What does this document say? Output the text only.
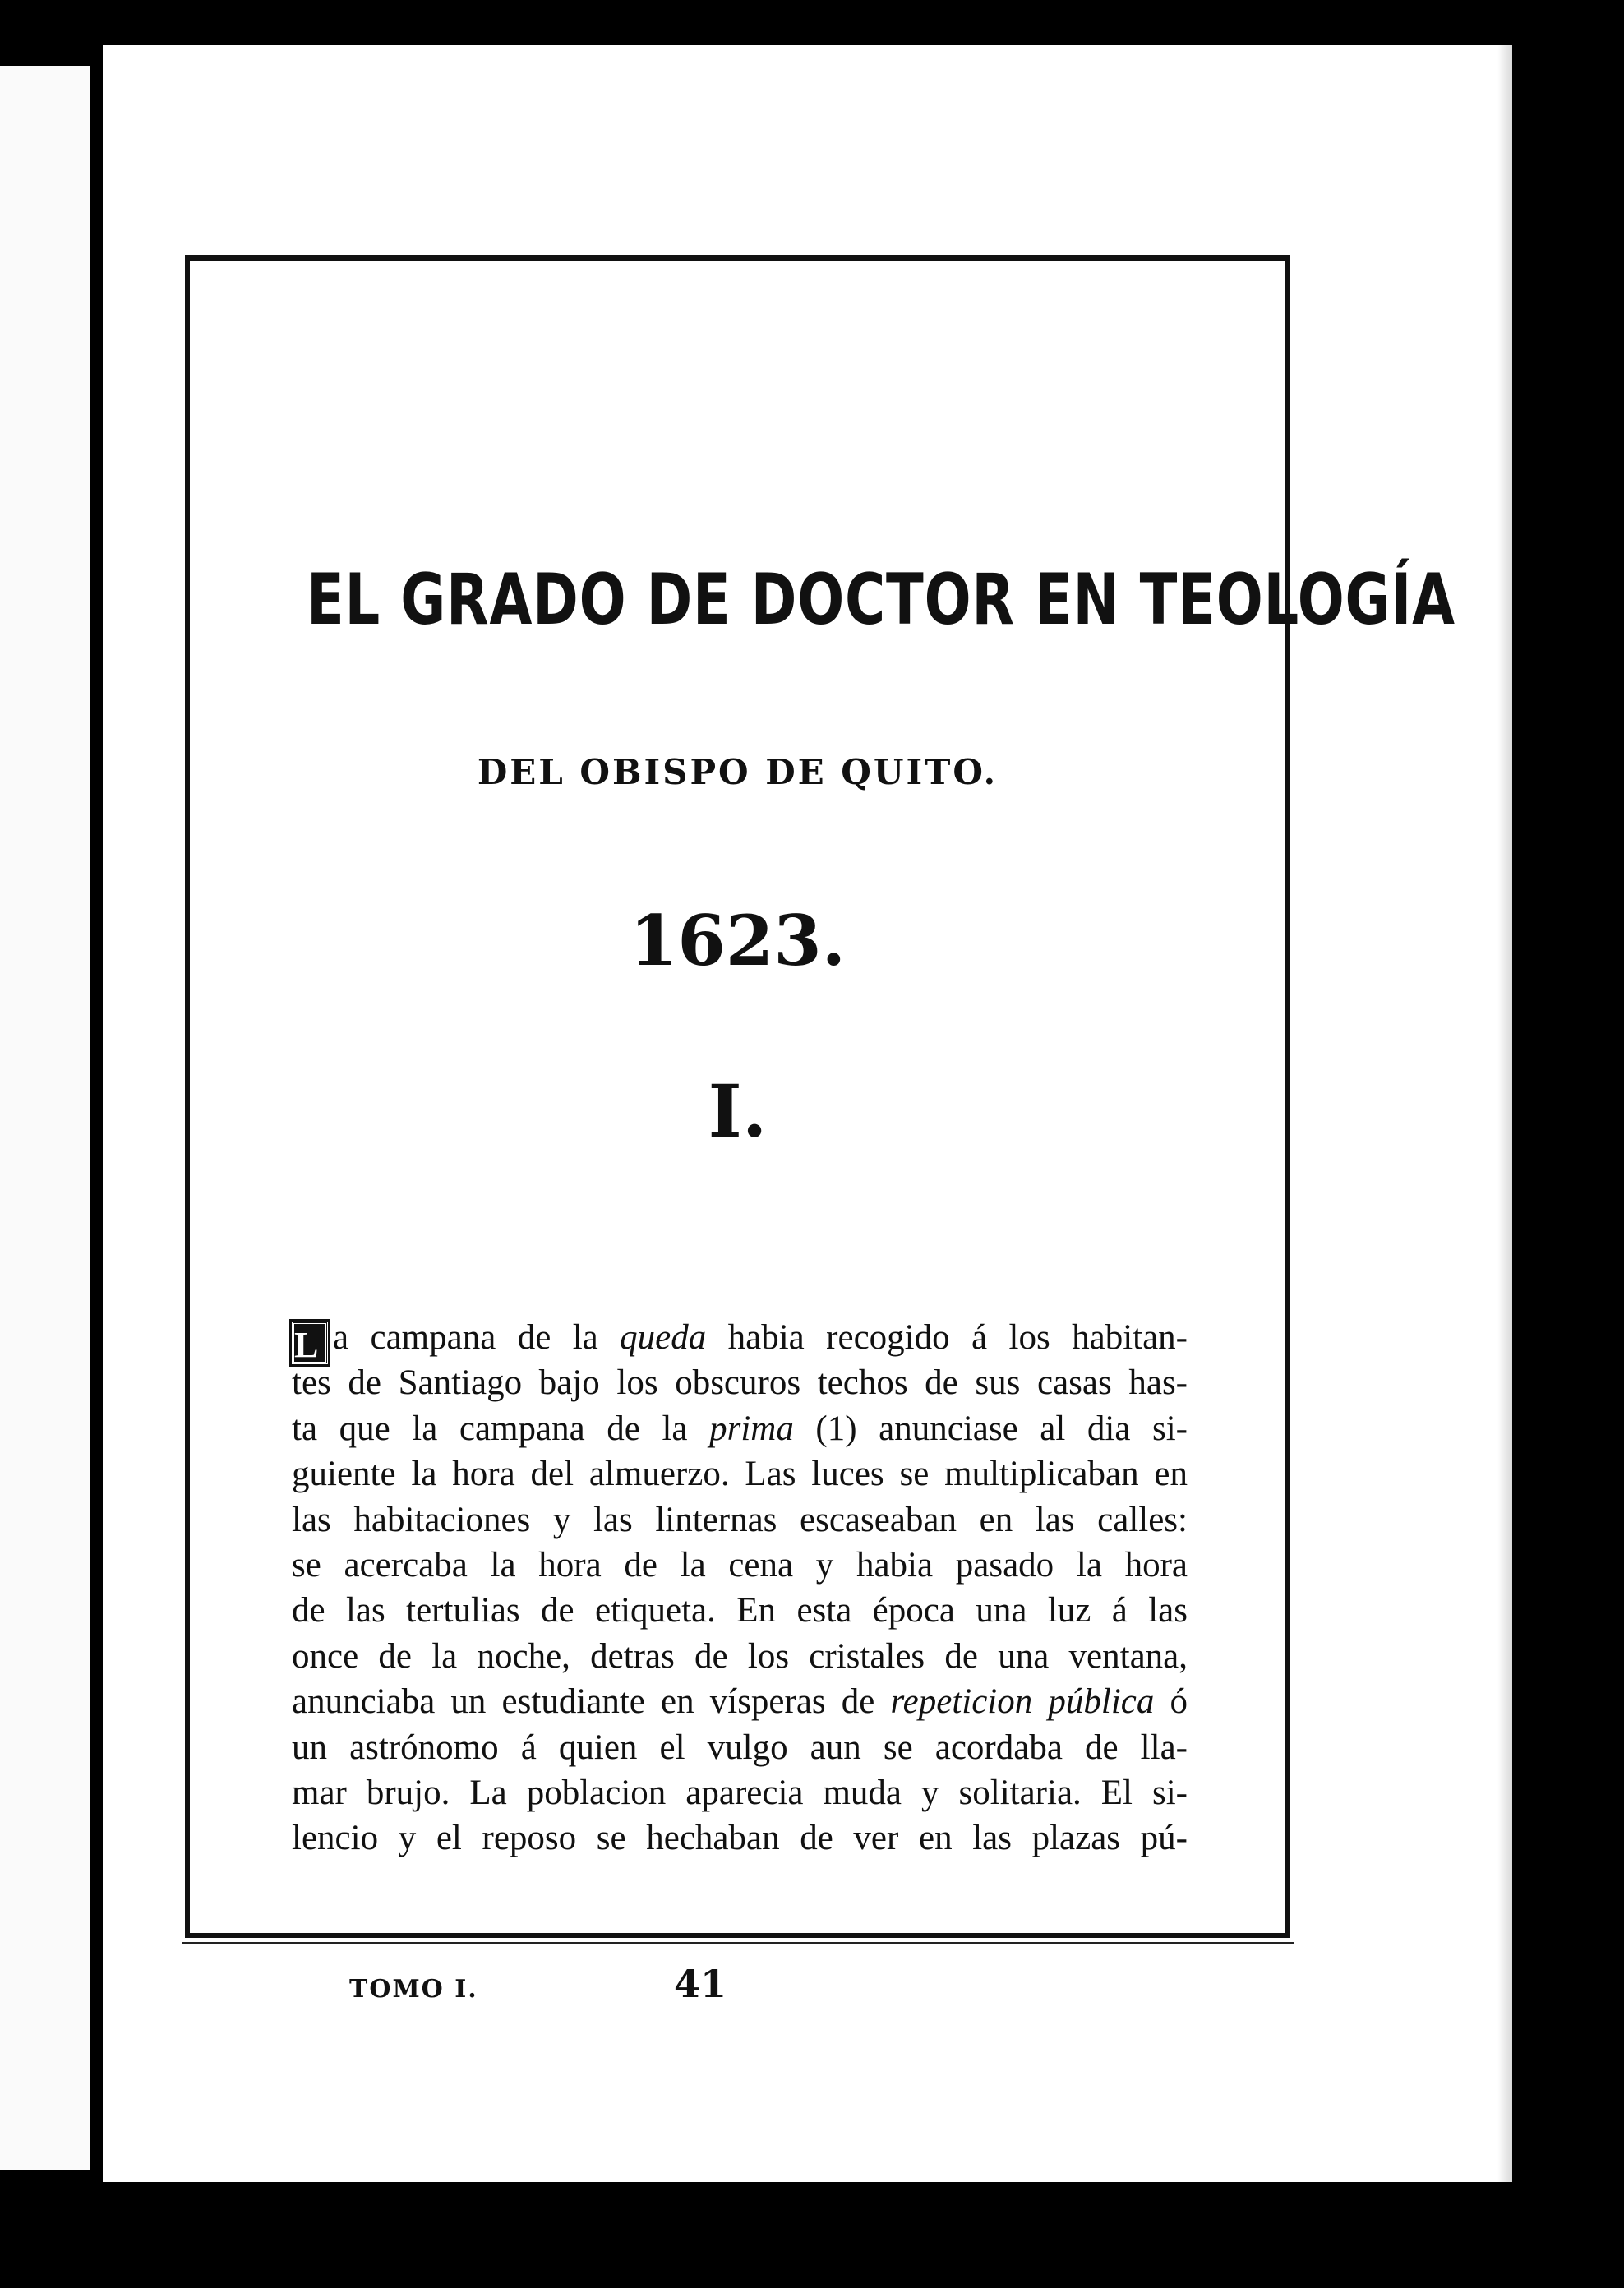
EL GRADO DE DOCTOR EN TEOLOGÍA
DEL OBISPO DE QUITO.
1623.
I.
L a campana de la queda habia recogido á los habitan-
tes de Santiago bajo los obscuros techos de sus casas has-
ta que la campana de la prima (1) anunciase al dia si-
guiente la hora del almuerzo. Las luces se multiplicaban en
las habitaciones y las linternas escaseaban en las calles:
se acercaba la hora de la cena y habia pasado la hora
de las tertulias de etiqueta. En esta época una luz á las
once de la noche, detras de los cristales de una ventana,
anunciaba un estudiante en vísperas de repeticion pública ó
un astrónomo á quien el vulgo aun se acordaba de lla-
mar brujo. La poblacion aparecia muda y solitaria. El si-
lencio y el reposo se hechaban de ver en las plazas pú-
TOMO I.	41
